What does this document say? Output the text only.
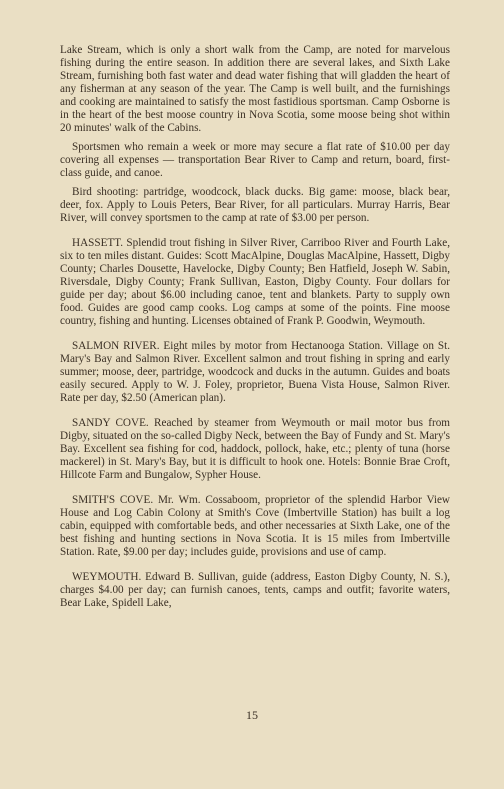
Lake Stream, which is only a short walk from the Camp, are noted for marvelous fishing during the entire season. In addition there are several lakes, and Sixth Lake Stream, furnishing both fast water and dead water fishing that will gladden the heart of any fisherman at any season of the year. The Camp is well built, and the furnishings and cooking are maintained to satisfy the most fastidious sportsman. Camp Osborne is in the heart of the best moose country in Nova Scotia, some moose being shot within 20 minutes' walk of the Cabins.

Sportsmen who remain a week or more may secure a flat rate of $10.00 per day covering all expenses — transportation Bear River to Camp and return, board, first-class guide, and canoe.

Bird shooting: partridge, woodcock, black ducks. Big game: moose, black bear, deer, fox. Apply to Louis Peters, Bear River, for all particulars. Murray Harris, Bear River, will convey sportsmen to the camp at rate of $3.00 per person.

HASSETT. Splendid trout fishing in Silver River, Carriboo River and Fourth Lake, six to ten miles distant. Guides: Scott MacAlpine, Douglas MacAlpine, Hassett, Digby County; Charles Dousette, Havelocke, Digby County; Ben Hatfield, Joseph W. Sabin, Riversdale, Digby County; Frank Sullivan, Easton, Digby County. Four dollars for guide per day; about $6.00 including canoe, tent and blankets. Party to supply own food. Guides are good camp cooks. Log camps at some of the points. Fine moose country, fishing and hunting. Licenses obtained of Frank P. Goodwin, Weymouth.

SALMON RIVER. Eight miles by motor from Hectanooga Station. Village on St. Mary's Bay and Salmon River. Excellent salmon and trout fishing in spring and early summer; moose, deer, partridge, woodcock and ducks in the autumn. Guides and boats easily secured. Apply to W. J. Foley, proprietor, Buena Vista House, Salmon River. Rate per day, $2.50 (American plan).

SANDY COVE. Reached by steamer from Weymouth or mail motor bus from Digby, situated on the so-called Digby Neck, between the Bay of Fundy and St. Mary's Bay. Excellent sea fishing for cod, haddock, pollock, hake, etc.; plenty of tuna (horse mackerel) in St. Mary's Bay, but it is difficult to hook one. Hotels: Bonnie Brae Croft, Hillcote Farm and Bungalow, Sypher House.

SMITH'S COVE. Mr. Wm. Cossaboom, proprietor of the splendid Harbor View House and Log Cabin Colony at Smith's Cove (Imbertville Station) has built a log cabin, equipped with comfortable beds, and other necessaries at Sixth Lake, one of the best fishing and hunting sections in Nova Scotia. It is 15 miles from Imbertville Station. Rate, $9.00 per day; includes guide, provisions and use of camp.

WEYMOUTH. Edward B. Sullivan, guide (address, Easton Digby County, N. S.), charges $4.00 per day; can furnish canoes, tents, camps and outfit; favorite waters, Bear Lake, Spidell Lake,

15
